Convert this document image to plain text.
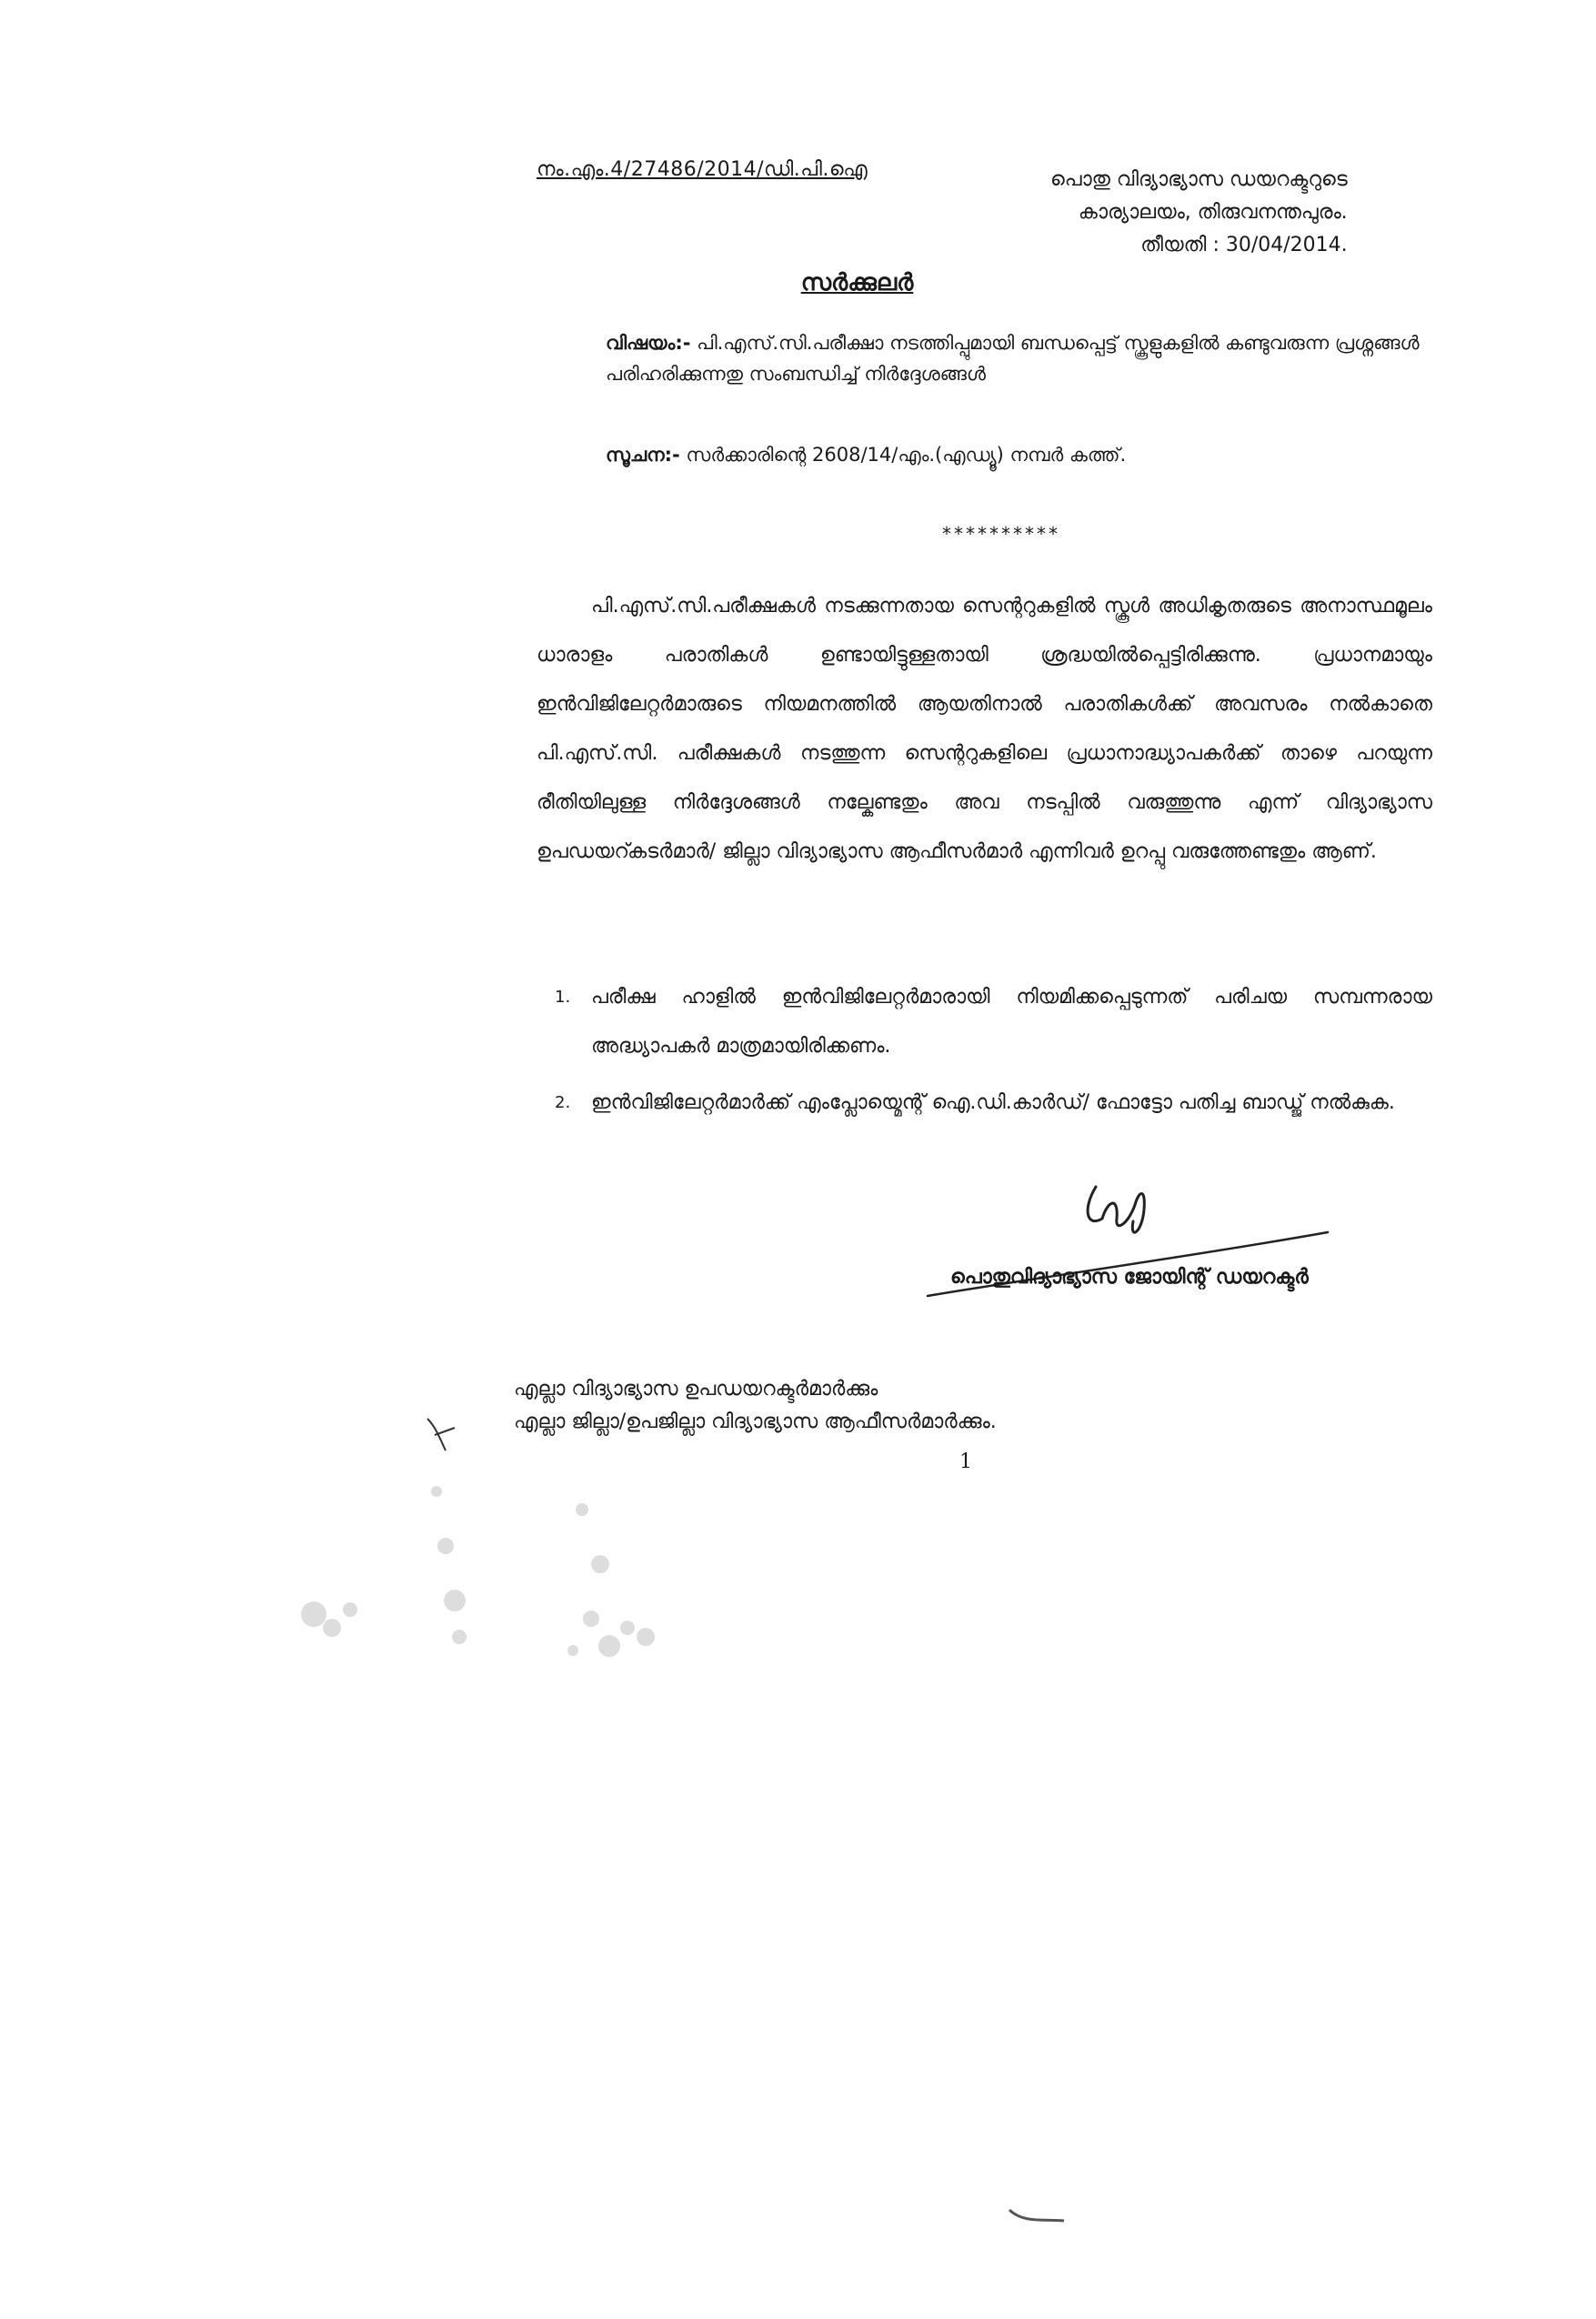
നം.എം.4/27486/2014/ഡി.പി.ഐ	പൊതു വിദ്യാഭ്യാസ ഡയറക്ടറുടെ
കാര്യാലയം, തിരുവനന്തപുരം.
തീയതി : 30/04/2014.
സർക്കുലർ
വിഷയം:- പി.എസ്.സി.പരീക്ഷാ നടത്തിപ്പുമായി ബന്ധപ്പെട്ട് സ്കൂളുകളിൽ കണ്ടുവരുന്ന പ്രശ്നങ്ങൾ പരിഹരിക്കുന്നതു സംബന്ധിച്ച് നിർദ്ദേശങ്ങൾ
സൂചന:- സർക്കാരിന്റെ 2608/14/എം.(എഡ്യൂ) നമ്പർ കത്ത്.
**********
പി.എസ്.സി.പരീക്ഷകൾ നടക്കുന്നതായ സെന്ററുകളിൽ സ്കൂൾ അധികൃതരുടെ അനാസ്ഥമൂലം ധാരാളം പരാതികൾ ഉണ്ടായിട്ടുള്ളതായി ശ്രദ്ധയിൽപ്പെട്ടിരിക്കുന്നു. പ്രധാനമായും ഇൻവിജിലേറ്റർമാരുടെ നിയമനത്തിൽ ആയതിനാൽ പരാതികൾക്ക് അവസരം നൽകാതെ പി.എസ്.സി. പരീക്ഷകൾ നടത്തുന്ന സെന്ററുകളിലെ പ്രധാനാദ്ധ്യാപകർക്ക് താഴെ പറയുന്ന രീതിയിലുള്ള നിർദ്ദേശങ്ങൾ നല്കേണ്ടതും അവ നടപ്പിൽ വരുത്തുന്നു എന്ന് വിദ്യാഭ്യാസ ഉപഡയറ്കടർമാർ/ ജില്ലാ വിദ്യാഭ്യാസ ആഫീസർമാർ എന്നിവർ ഉറപ്പു വരുത്തേണ്ടതും ആണ്.
1. പരീക്ഷ ഹാളിൽ ഇൻവിജിലേറ്റർമാരായി നിയമിക്കപ്പെടുന്നത് പരിചയ സമ്പന്നരായ അദ്ധ്യാപകർ മാത്രമായിരിക്കണം.
2. ഇൻവിജിലേറ്റർമാർക്ക് എംപ്ലോയ്മെന്റ് ഐ.ഡി.കാർഡ്/ ഫോട്ടോ പതിച്ച ബാഡ്ജ് നൽകുക.
പൊതുവിദ്യാഭ്യാസ ജോയിന്റ് ഡയറക്ടർ
എല്ലാ വിദ്യാഭ്യാസ ഉപഡയറക്ടർമാർക്കും
എല്ലാ ജില്ലാ/ഉപജില്ലാ വിദ്യാഭ്യാസ ആഫീസർമാർക്കും.
1
